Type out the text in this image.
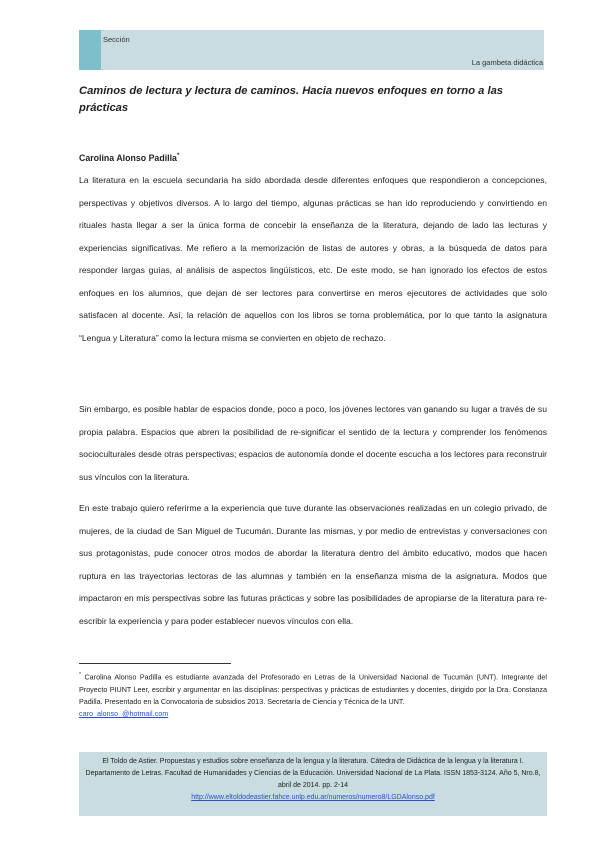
Sección
La gambeta didáctica
Caminos de lectura y lectura de caminos. Hacia nuevos enfoques en torno a las prácticas
Carolina Alonso Padilla*

La literatura en la escuela secundaria ha sido abordada desde diferentes enfoques que respondieron a concepciones, perspectivas y objetivos diversos. A lo largo del tiempo, algunas prácticas se han ido reproduciendo y convirtiendo en rituales hasta llegar a ser la única forma de concebir la enseñanza de la literatura, dejando de lado las lecturas y experiencias significativas. Me refiero a la memorización de listas de autores y obras, a la búsqueda de datos para responder largas guías, al análisis de aspectos lingüísticos, etc. De este modo, se han ignorado los efectos de estos enfoques en los alumnos, que dejan de ser lectores para convertirse en meros ejecutores de actividades que solo satisfacen al docente. Así, la relación de aquellos con los libros se torna problemática, por lo que tanto la asignatura “Lengua y Literatura” como la lectura misma se convierten en objeto de rechazo.

Sin embargo, es posible hablar de espacios donde, poco a poco, los jóvenes lectores van ganando su lugar a través de su propia palabra. Espacios que abren la posibilidad de re-significar el sentido de la lectura y comprender los fenómenos socioculturales desde otras perspectivas; espacios de autonomía donde el docente escucha a los lectores para reconstruir sus vínculos con la literatura.

En este trabajo quiero referirme a la experiencia que tuve durante las observaciones realizadas en un colegio privado, de mujeres, de la ciudad de San Miguel de Tucumán. Durante las mismas, y por medio de entrevistas y conversaciones con sus protagonistas, pude conocer otros modos de abordar la literatura dentro del ámbito educativo, modos que hacen ruptura en las trayectorias lectoras de las alumnas y también en la enseñanza misma de la asignatura. Modos que impactaron en mis perspectivas sobre las futuras prácticas y sobre las posibilidades de apropiarse de la literatura para re-escribir la experiencia y para poder establecer nuevos vínculos con ella.

* Carolina Alonso Padilla es estudiante avanzada del Profesorado en Letras de la Universidad Nacional de Tucumán (UNT). Integrante del Proyecto PIUNT Leer, escribir y argumentar en las disciplinas: perspectivas y prácticas de estudiantes y docentes, dirigido por la Dra. Constanza Padilla. Presentado en la Convocatoria de subsidios 2013. Secretaría de Ciencia y Técnica de la UNT.
caro_alonso_@hotmail.com
El Toldo de Astier. Propuestas y estudios sobre enseñanza de la lengua y la literatura. Cátedra de Didáctica de la lengua y la literatura I. Departamento de Letras. Facultad de Humanidades y Ciencias de la Educación. Universidad Nacional de La Plata. ISSN 1853-3124. Año 5, Nro.8, abril de 2014. pp. 2-14
http://www.eltoldodeastier.fahce.unlp.edu.ar/numeros/numero8/LGDAlonso.pdf
